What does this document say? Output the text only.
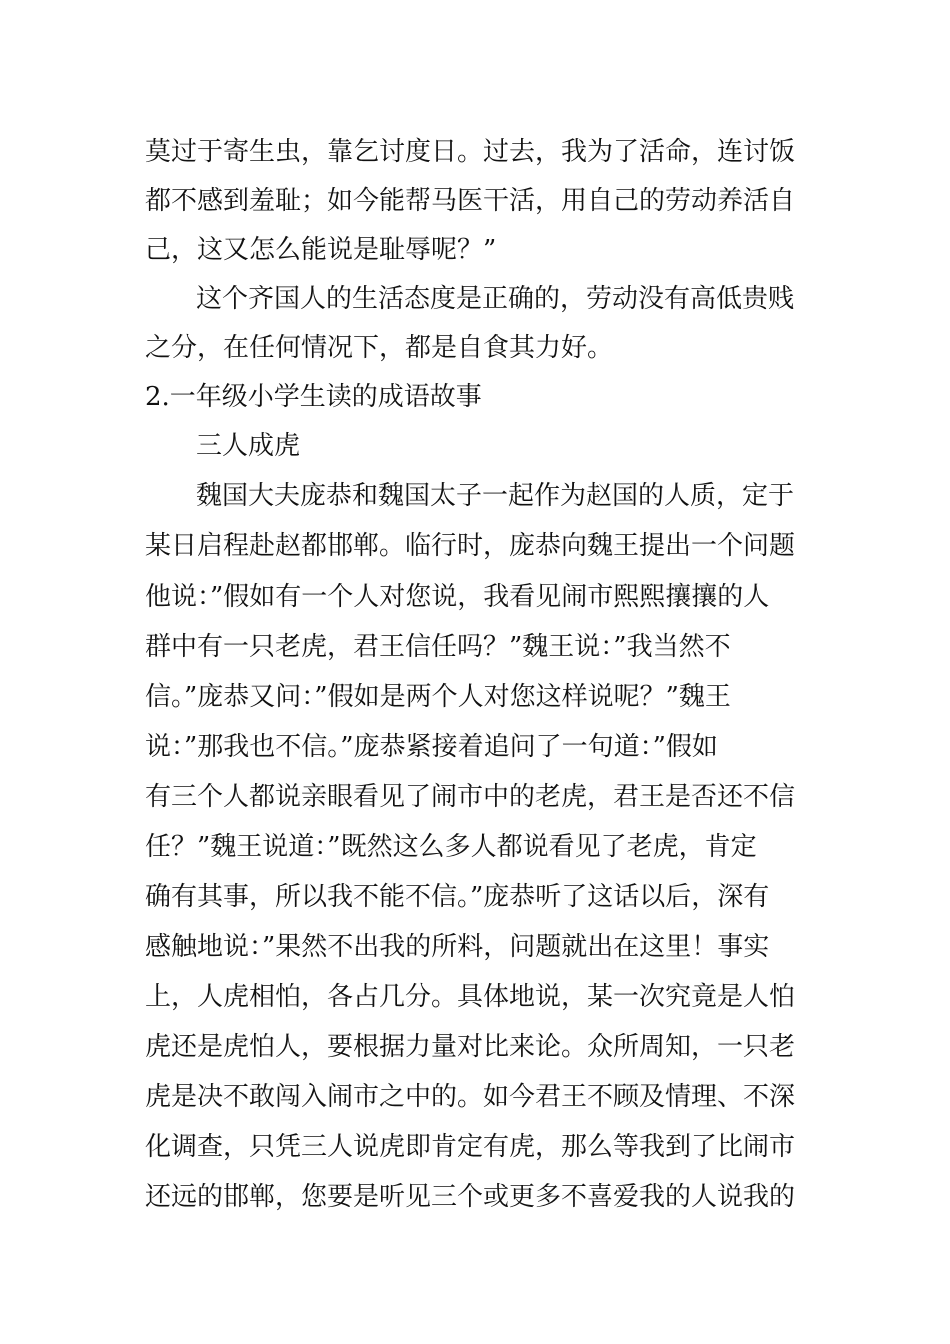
莫过于寄生虫，靠乞讨度日。过去，我为了活命，连讨饭
都不感到羞耻；如今能帮马医干活，用自己的劳动养活自
己，这又怎么能说是耻辱呢？”
这个齐国人的生活态度是正确的，劳动没有高低贵贱
之分，在任何情况下，都是自食其力好。
2.一年级小学生读的成语故事
三人成虎
魏国大夫庞恭和魏国太子一起作为赵国的人质，定于
某日启程赴赵都邯郸。临行时，庞恭向魏王提出一个问题
他说：”假如有一个人对您说，我看见闹市熙熙攘攘的人
群中有一只老虎，君王信任吗？”魏王说：”我当然不
信。”庞恭又问：”假如是两个人对您这样说呢？”魏王
说：”那我也不信。”庞恭紧接着追问了一句道：”假如
有三个人都说亲眼看见了闹市中的老虎，君王是否还不信
任？”魏王说道：”既然这么多人都说看见了老虎，肯定
确有其事，所以我不能不信。”庞恭听了这话以后，深有
感触地说：”果然不出我的所料，问题就出在这里！事实
上，人虎相怕，各占几分。具体地说，某一次究竟是人怕
虎还是虎怕人，要根据力量对比来论。众所周知，一只老
虎是决不敢闯入闹市之中的。如今君王不顾及情理、不深
化调查，只凭三人说虎即肯定有虎，那么等我到了比闹市
还远的邯郸，您要是听见三个或更多不喜爱我的人说我的
